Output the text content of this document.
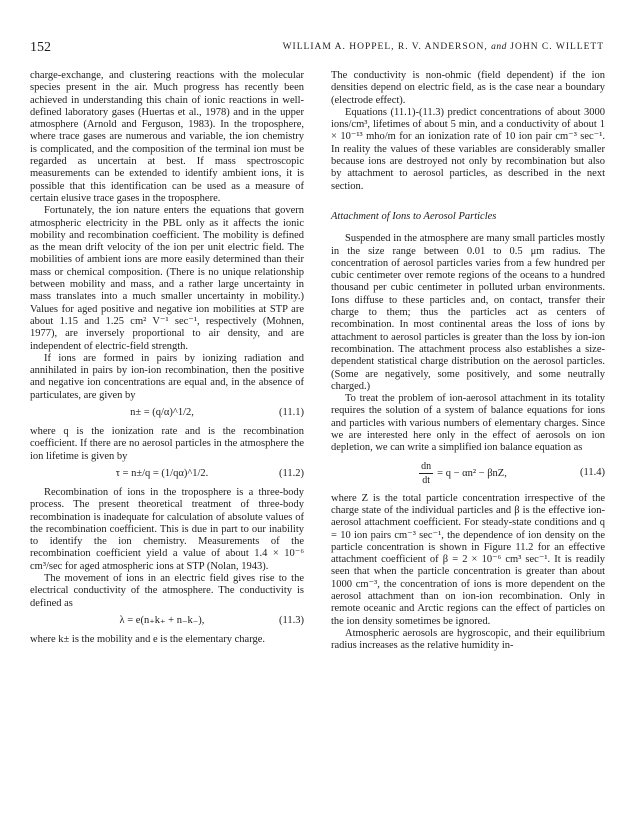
152	WILLIAM A. HOPPEL, R. V. ANDERSON, and JOHN C. WILLETT

charge-exchange, and clustering reactions with the molecular species present in the air. Much progress has recently been achieved in understanding this chain of ionic reactions in well-defined laboratory gases (Huertas et al., 1978) and in the upper atmosphere (Arnold and Ferguson, 1983). In the troposphere, where trace gases are numerous and variable, the ion chemistry is complicated, and the composition of the terminal ion must be regarded as uncertain at best. If mass spectroscopic measurements can be extended to identify ambient ions, it is possible that this identification can be used as a measure of certain elusive trace gases in the troposphere.

Fortunately, the ion nature enters the equations that govern atmospheric electricity in the PBL only as it affects the ionic mobility and recombination coefficient. The mobility is defined as the mean drift velocity of the ion per unit electric field. The mobilities of ambient ions are more easily determined than their mass or chemical composition. (There is no unique relationship between mobility and mass, and a rather large uncertainty in mass translates into a much smaller uncertainty in mobility.) Values for aged positive and negative ion mobilities at STP are about 1.15 and 1.25 cm² V⁻¹ sec⁻¹, respectively (Mohnen, 1977), are inversely proportional to air density, and are independent of electric-field strength.

If ions are formed in pairs by ionizing radiation and annihilated in pairs by ion-ion recombination, then the positive and negative ion concentrations are equal and, in the absence of particulates, are given by

n± = (q/α)^1/2,	(11.1)

where q is the ionization rate and is the recombination coefficient. If there are no aerosol particles in the atmosphere the ion lifetime is given by

τ = n±/q = (1/qα)^1/2.	(11.2)

Recombination of ions in the troposphere is a three-body process. The present theoretical treatment of three-body recombination is inadequate for calculation of absolute values of the recombination coefficient. This is due in part to our inability to identify the ion chemistry. Measurements of the recombination coefficient yield a value of about 1.4 × 10⁻⁶ cm³/sec for aged atmospheric ions at STP (Nolan, 1943).

The movement of ions in an electric field gives rise to the electrical conductivity of the atmosphere. The conductivity is defined as

λ = e(n₊k₊ + n₋k₋),	(11.3)

where k± is the mobility and e is the elementary charge.

The conductivity is non-ohmic (field dependent) if the ion densities depend on electric field, as is the case near a boundary (electrode effect).

Equations (11.1)-(11.3) predict concentrations of about 3000 ions/cm³, lifetimes of about 5 min, and a conductivity of about 1 × 10⁻¹³ mho/m for an ionization rate of 10 ion pair cm⁻³ sec⁻¹. In reality the values of these variables are considerably smaller because ions are destroyed not only by recombination but also by attachment to aerosol particles, as described in the next section.

Attachment of Ions to Aerosol Particles

Suspended in the atmosphere are many small particles mostly in the size range between 0.01 to 0.5 μm radius. The concentration of aerosol particles varies from a few hundred per cubic centimeter over remote regions of the oceans to a hundred thousand per cubic centimeter in polluted urban environments. Ions diffuse to these particles and, on contact, transfer their charge to them; thus the particles act as centers of recombination. In most continental areas the loss of ions by attachment to aerosol particles is greater than the loss by ion-ion recombination. The attachment process also establishes a size-dependent statistical charge distribution on the aerosol particles. (Some are negatively, some positively, and some neutrally charged.)

To treat the problem of ion-aerosol attachment in its totality requires the solution of a system of balance equations for ions and particles with various numbers of elementary charges. Since we are interested here only in the effect of aerosols on ion depletion, we can write a simplified ion balance equation as

$\frac{dn}{dt} = q - \alpha n^2 - \beta nZ$,	(11.4)

where Z is the total particle concentration irrespective of the charge state of the individual particles and β is the effective ion-aerosol attachment coefficient. For steady-state conditions and q = 10 ion pairs cm⁻³ sec⁻¹, the dependence of ion density on the particle concentration is shown in Figure 11.2 for an effective attachment coefficient of β = 2 × 10⁻⁶ cm³ sec⁻¹. It is readily seen that when the particle concentration is greater than about 1000 cm⁻³, the concentration of ions is more dependent on the aerosol attachment than on ion-ion recombination. Only in remote oceanic and Arctic regions can the effect of particles on the ion density sometimes be ignored.

Atmospheric aerosols are hygroscopic, and their equilibrium radius increases as the relative humidity in-
